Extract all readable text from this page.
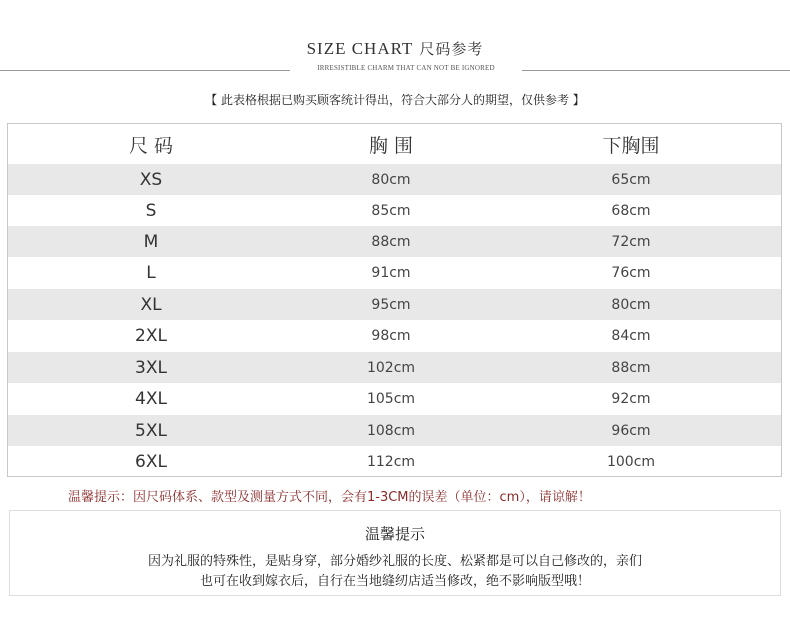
SIZE CHART 尺码参考
IRRESISTIBLE CHARM THAT CAN NOT BE IGNORED
【 此表格根据已购买顾客统计得出，符合大部分人的期望，仅供参考 】
尺 码	胸 围	下胸围
XS	80cm	65cm
S	85cm	68cm
M	88cm	72cm
L	91cm	76cm
XL	95cm	80cm
2XL	98cm	84cm
3XL	102cm	88cm
4XL	105cm	92cm
5XL	108cm	96cm
6XL	112cm	100cm
温馨提示：因尺码体系、款型及测量方式不同，会有1-3CM的误差（单位：cm），请谅解！
温馨提示
因为礼服的特殊性，是贴身穿，部分婚纱礼服的长度、松紧都是可以自己修改的，亲们
也可在收到嫁衣后，自行在当地缝纫店适当修改，绝不影响版型哦！
